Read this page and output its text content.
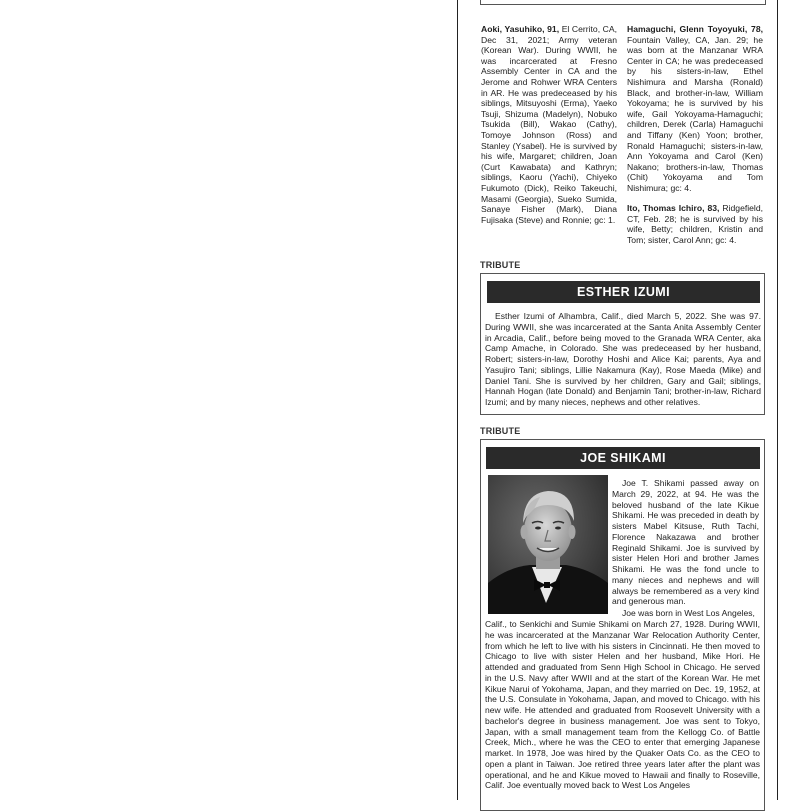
Aoki, Yasuhiko, 91, El Cerrito, CA, Dec 31, 2021; Army veteran (Korean War). During WWII, he was incarcerated at Fresno Assembly Center in CA and the Jerome and Rohwer WRA Centers in AR. He was predeceased by his siblings, Mitsuyoshi (Erma), Yaeko Tsuji, Shizuma (Madelyn), Nobuko Tsukida (Bill), Wakao (Cathy), Tomoye Johnson (Ross) and Stanley (Ysabel). He is survived by his wife, Margaret; children, Joan (Curt Kawabata) and Kathryn; siblings, Kaoru (Yachi), Chiyeko Fukumoto (Dick), Reiko Takeuchi, Masami (Georgia), Sueko Sumida, Sanaye Fisher (Mark), Diana Fujisaka (Steve) and Ronnie; gc: 1.
Hamaguchi, Glenn Toyoyuki, 78, Fountain Valley, CA, Jan. 29; he was born at the Manzanar WRA Center in CA; he was predeceased by his sisters-in-law, Ethel Nishimura and Marsha (Ronald) Black, and brother-in-law, William Yokoyama; he is survived by his wife, Gail Yokoyama-Hamaguchi; children, Derek (Carla) Hamaguchi and Tiffany (Ken) Yoon; brother, Ronald Hamaguchi; sisters-in-law, Ann Yokoyama and Carol (Ken) Nakano; brothers-in-law, Thomas (Chit) Yokoyama and Tom Nishimura; gc: 4.
Ito, Thomas Ichiro, 83, Ridgefield, CT, Feb. 28; he is survived by his wife, Betty; children, Kristin and Tom; sister, Carol Ann; gc: 4.
TRIBUTE
ESTHER IZUMI
Esther Izumi of Alhambra, Calif., died March 5, 2022. She was 97. During WWII, she was incarcerated at the Santa Anita Assembly Center in Arcadia, Calif., before being moved to the Granada WRA Center, aka Camp Amache, in Colorado. She was predeceased by her husband, Robert; sisters-in-law, Dorothy Hoshi and Alice Kai; parents, Aya and Yasujiro Tani; siblings, Lillie Nakamura (Kay), Rose Maeda (Mike) and Daniel Tani. She is survived by her children, Gary and Gail; siblings, Hannah Hogan (late Donald) and Benjamin Tani; brother-in-law, Richard Izumi; and by many nieces, nephews and other relatives.
TRIBUTE
JOE SHIKAMI
Joe T. Shikami passed away on March 29, 2022, at 94. He was the beloved husband of the late Kikue Shikami. He was preceded in death by sisters Mabel Kitsuse, Ruth Tachi, Florence Nakazawa and brother Reginald Shikami. Joe is survived by sister Helen Hori and brother James Shikami. He was the fond uncle to many nieces and nephews and will always be remembered as a very kind and generous man.
Joe was born in West Los Angeles,
Calif., to Senkichi and Sumie Shikami on March 27, 1928. During WWII, he was incarcerated at the Manzanar War Relocation Authority Center, from which he left to live with his sisters in Cincinnati. He then moved to Chicago to live with sister Helen and her husband, Mike Hori. He attended and graduated from Senn High School in Chicago. He served in the U.S. Navy after WWII and at the start of the Korean War. He met Kikue Narui of Yokohama, Japan, and they married on Dec. 19, 1952, at the U.S. Consulate in Yokohama, Japan, and moved to Chicago. with his new wife. He attended and graduated from Roosevelt University with a bachelor's degree in business management. Joe was sent to Tokyo, Japan, with a small management team from the Kellogg Co. of Battle Creek, Mich., where he was the CEO to enter that emerging Japanese market. In 1978, Joe was hired by the Quaker Oats Co. as the CEO to open a plant in Taiwan. Joe retired three years later after the plant was operational, and he and Kikue moved to Hawaii and finally to Roseville, Calif. Joe eventually moved back to West Los Angeles
